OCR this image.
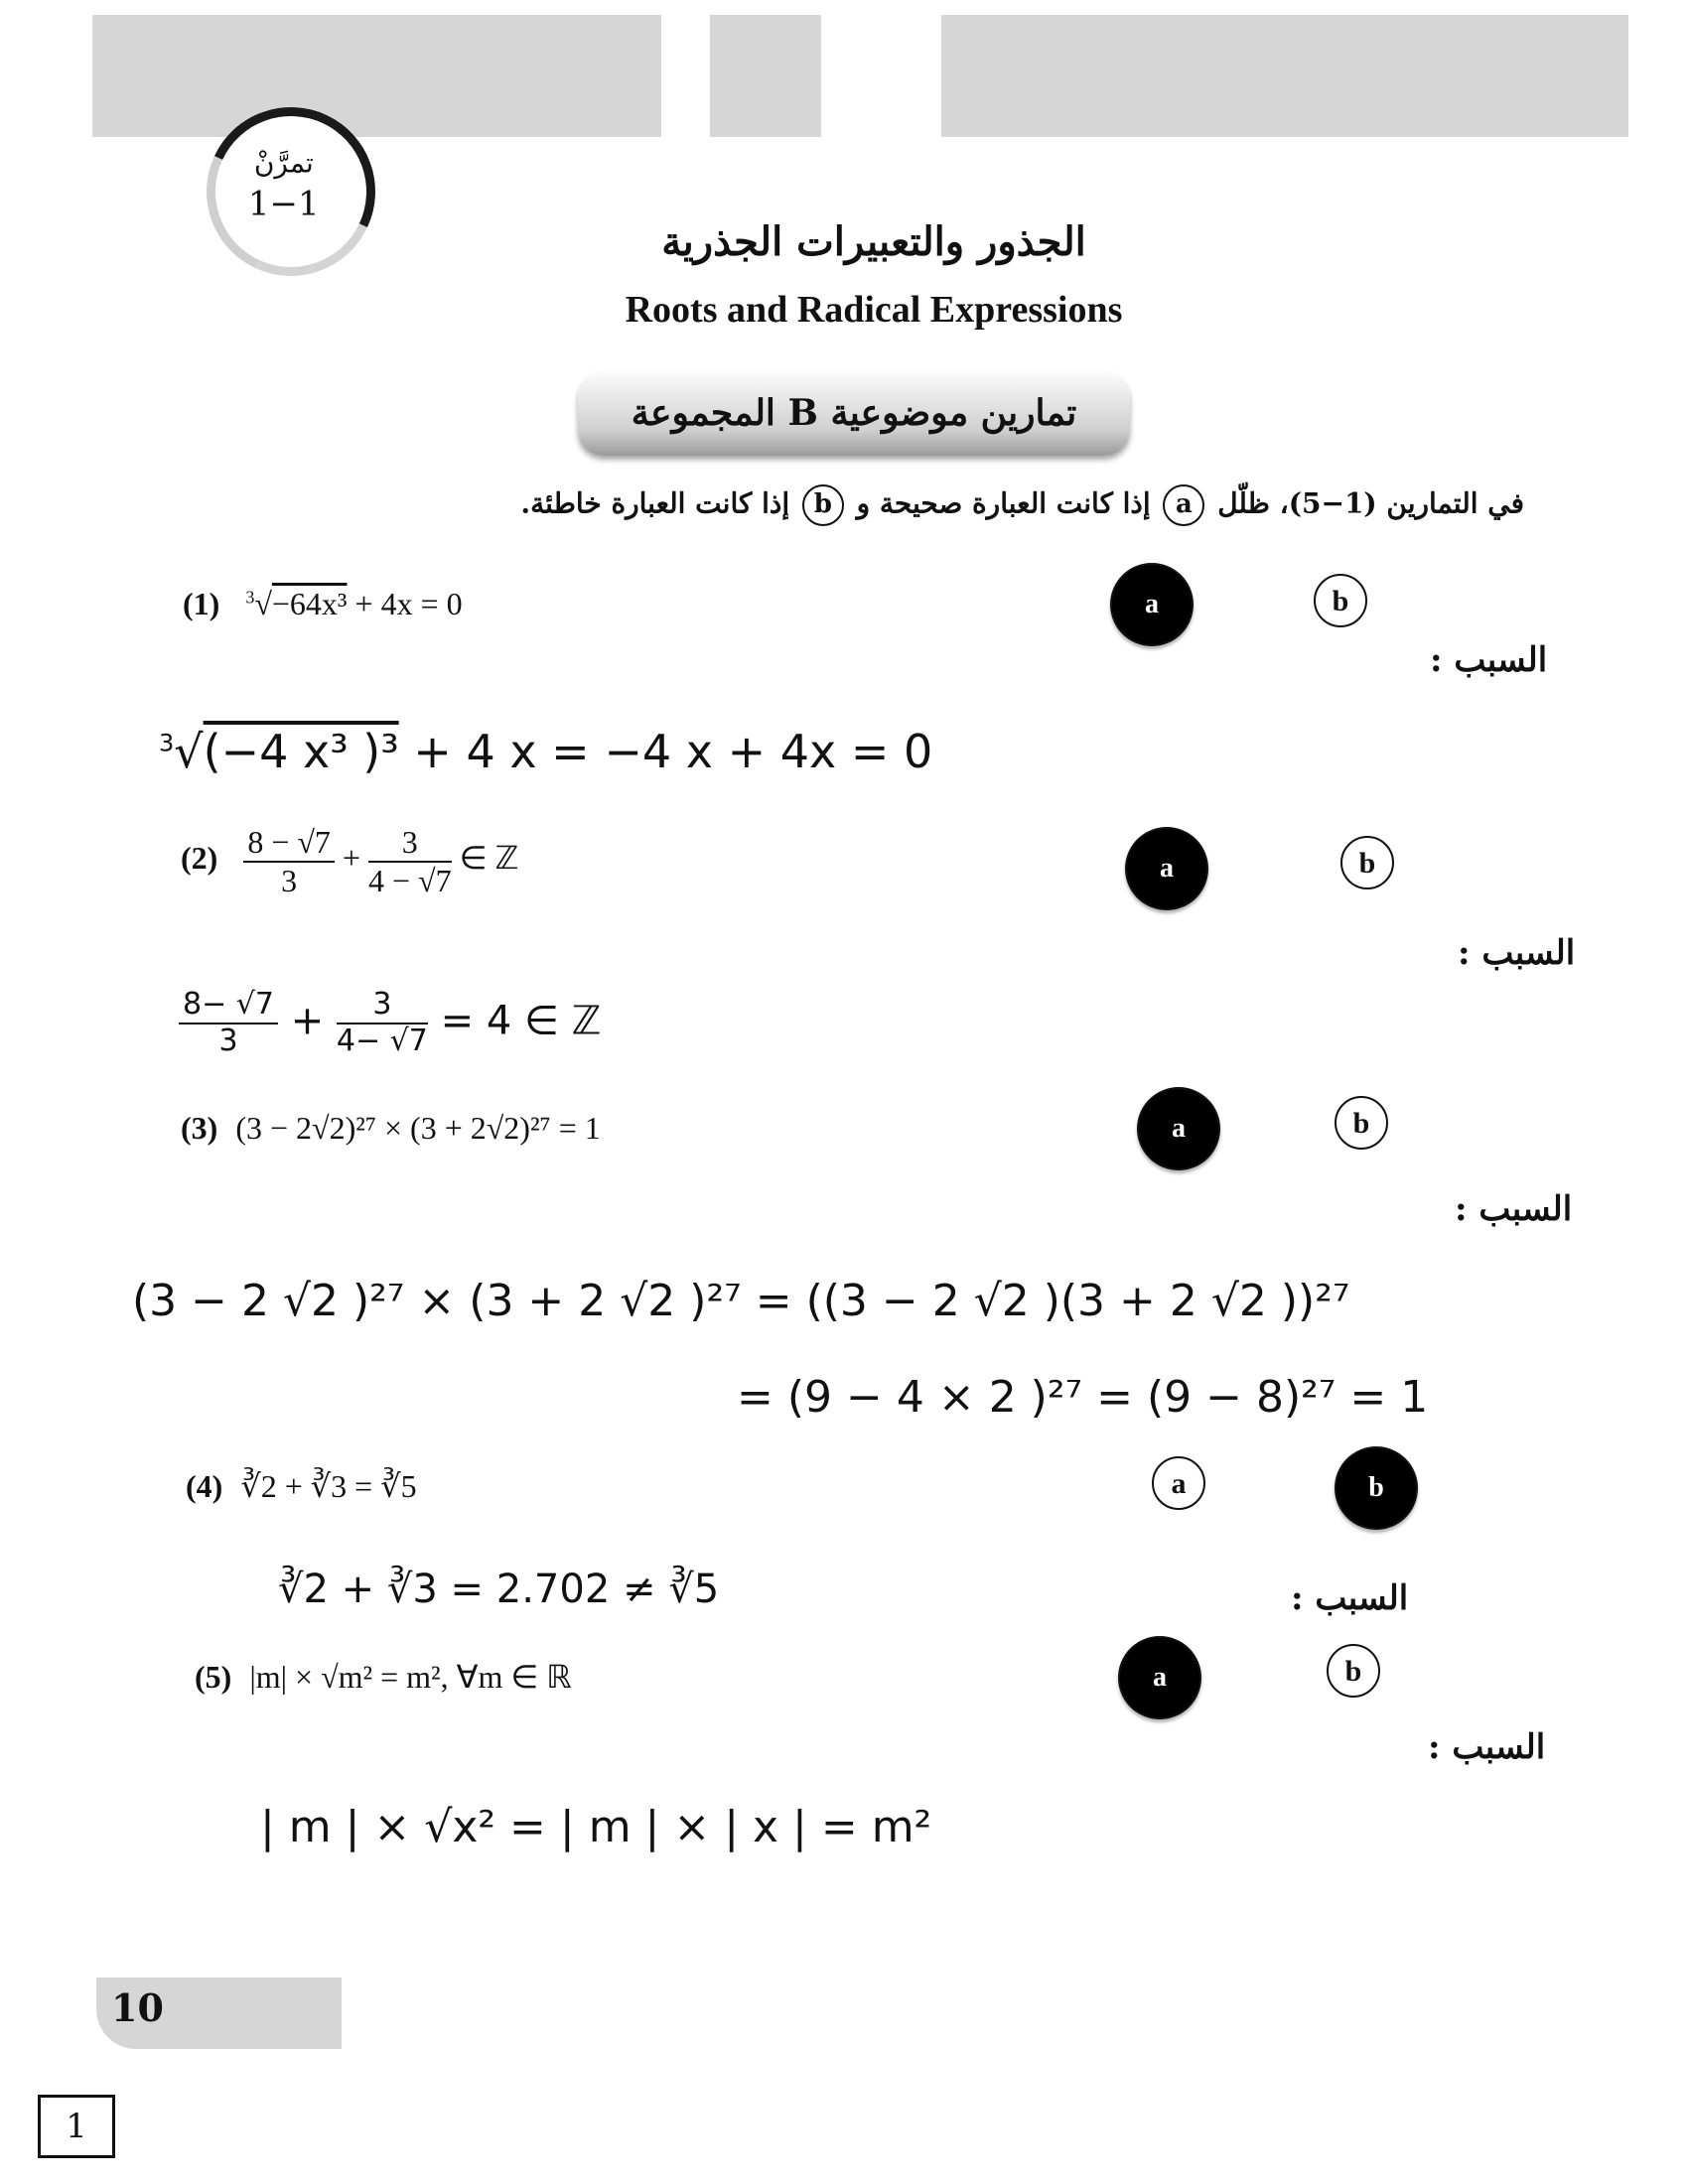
تمرَّنْ
1−1
الجذور والتعبيرات الجذرية
Roots and Radical Expressions
المجموعة B تمارين موضوعية
في التمارين (1−5)، ظلّل a إذا كانت العبارة صحيحة و b إذا كانت العبارة خاطئة.
(1) $^3$√−64x³ + 4x = 0	a	b
السبب :
$^3$√(−4 x³ )³ + 4 x = −4 x + 4x = 0
$(2) \frac{8 - √7}{3} + \frac{3}{4 - √7}$ ∈ ℤ	a	b
السبب :
$\frac{8- √7}{3} + \frac{3}{4- √7} = 4$ ∈ ℤ
(3) (3 − 2√2)²⁷ × (3 + 2√2)²⁷ = 1	a	b
السبب :
(3 − 2 √2 )²⁷ × (3 + 2 √2 )²⁷ = ((3 − 2 √2 )(3 + 2 √2 ))²⁷
= (9 − 4 × 2 )²⁷ = (9 − 8)²⁷ = 1
(4) ∛2 + ∛3 = ∛5	a	b
∛2 + ∛3 = 2.702 ≠ ∛5	السبب :
(5) |m| × √m² = m², ∀m ∈ ℝ	a	b
السبب :
| m | × √x² = | m | × | x | = m²
10
1
